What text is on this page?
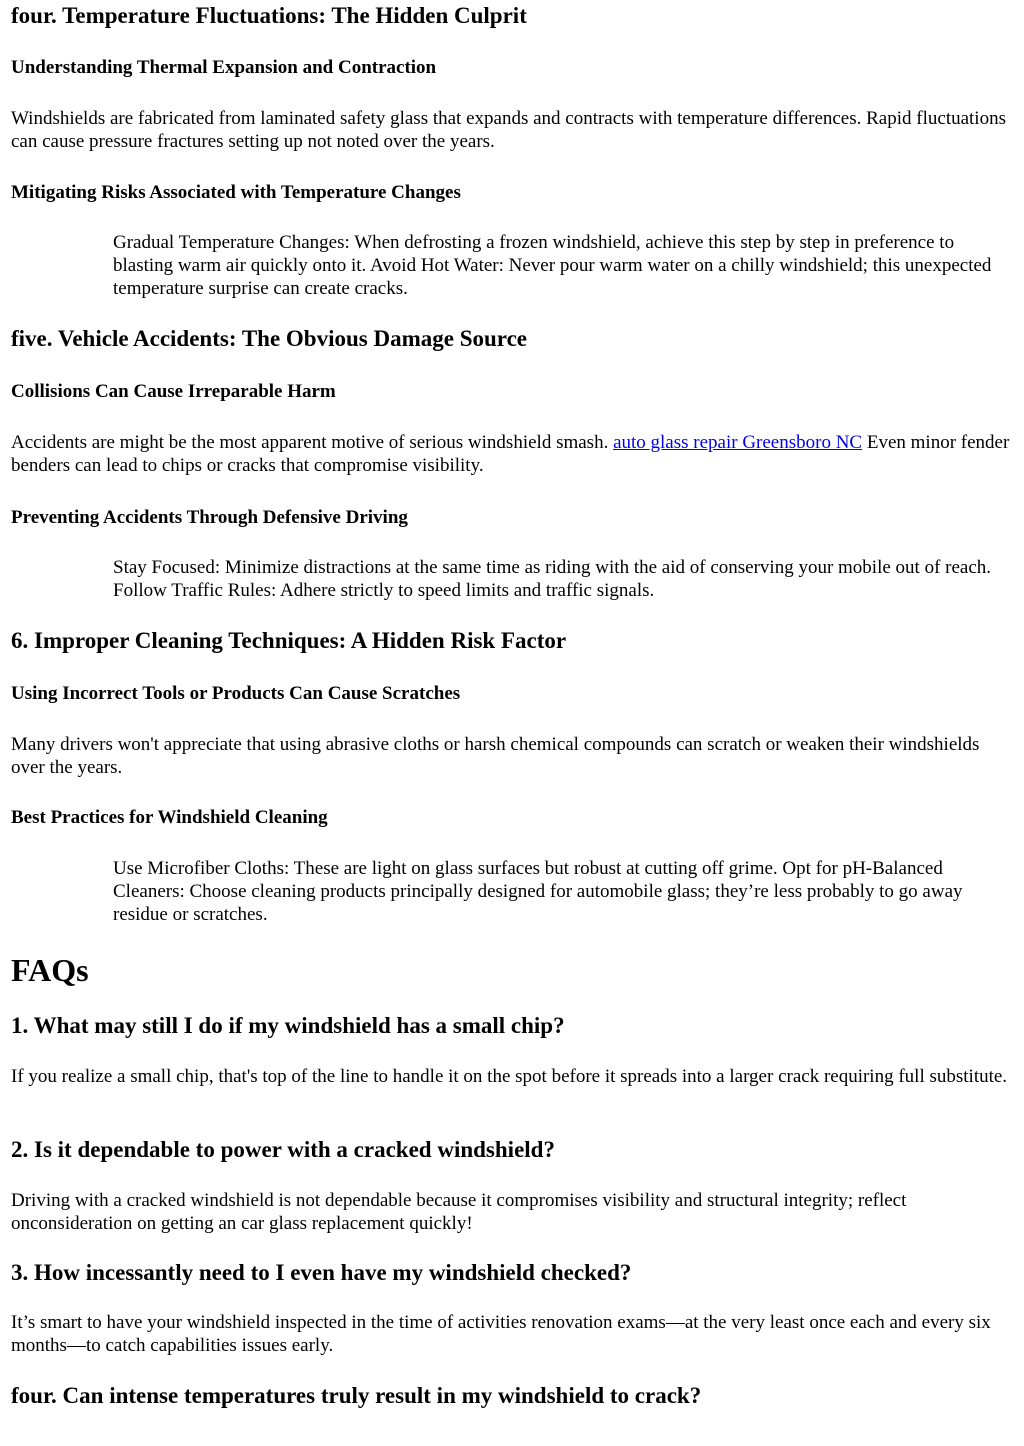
four. Temperature Fluctuations: The Hidden Culprit
Understanding Thermal Expansion and Contraction

Windshields are fabricated from laminated safety glass that expands and contracts with temperature differences. Rapid fluctuations can cause pressure fractures setting up not noted over the years.

Mitigating Risks Associated with Temperature Changes
Gradual Temperature Changes: When defrosting a frozen windshield, achieve this step by step in preference to blasting warm air quickly onto it. Avoid Hot Water: Never pour warm water on a chilly windshield; this unexpected temperature surprise can create cracks.
five. Vehicle Accidents: The Obvious Damage Source
Collisions Can Cause Irreparable Harm

Accidents are might be the most apparent motive of serious windshield smash. auto glass repair Greensboro NC Even minor fender benders can lead to chips or cracks that compromise visibility.

Preventing Accidents Through Defensive Driving
Stay Focused: Minimize distractions at the same time as riding with the aid of conserving your mobile out of reach. Follow Traffic Rules: Adhere strictly to speed limits and traffic signals.
6. Improper Cleaning Techniques: A Hidden Risk Factor
Using Incorrect Tools or Products Can Cause Scratches

Many drivers won't appreciate that using abrasive cloths or harsh chemical compounds can scratch or weaken their windshields over the years.

Best Practices for Windshield Cleaning
Use Microfiber Cloths: These are light on glass surfaces but robust at cutting off grime. Opt for pH-Balanced Cleaners: Choose cleaning products principally designed for automobile glass; they’re less probably to go away residue or scratches.
FAQs
1. What may still I do if my windshield has a small chip?

If you realize a small chip, that's top of the line to handle it on the spot before it spreads into a larger crack requiring full substitute.

2. Is it dependable to power with a cracked windshield?

Driving with a cracked windshield is not dependable because it compromises visibility and structural integrity; reflect onconsideration on getting an car glass replacement quickly!

3. How incessantly need to I even have my windshield checked?

It’s smart to have your windshield inspected in the time of activities renovation exams—at the very least once each and every six months—to catch capabilities issues early.

four. Can intense temperatures truly result in my windshield to crack?
